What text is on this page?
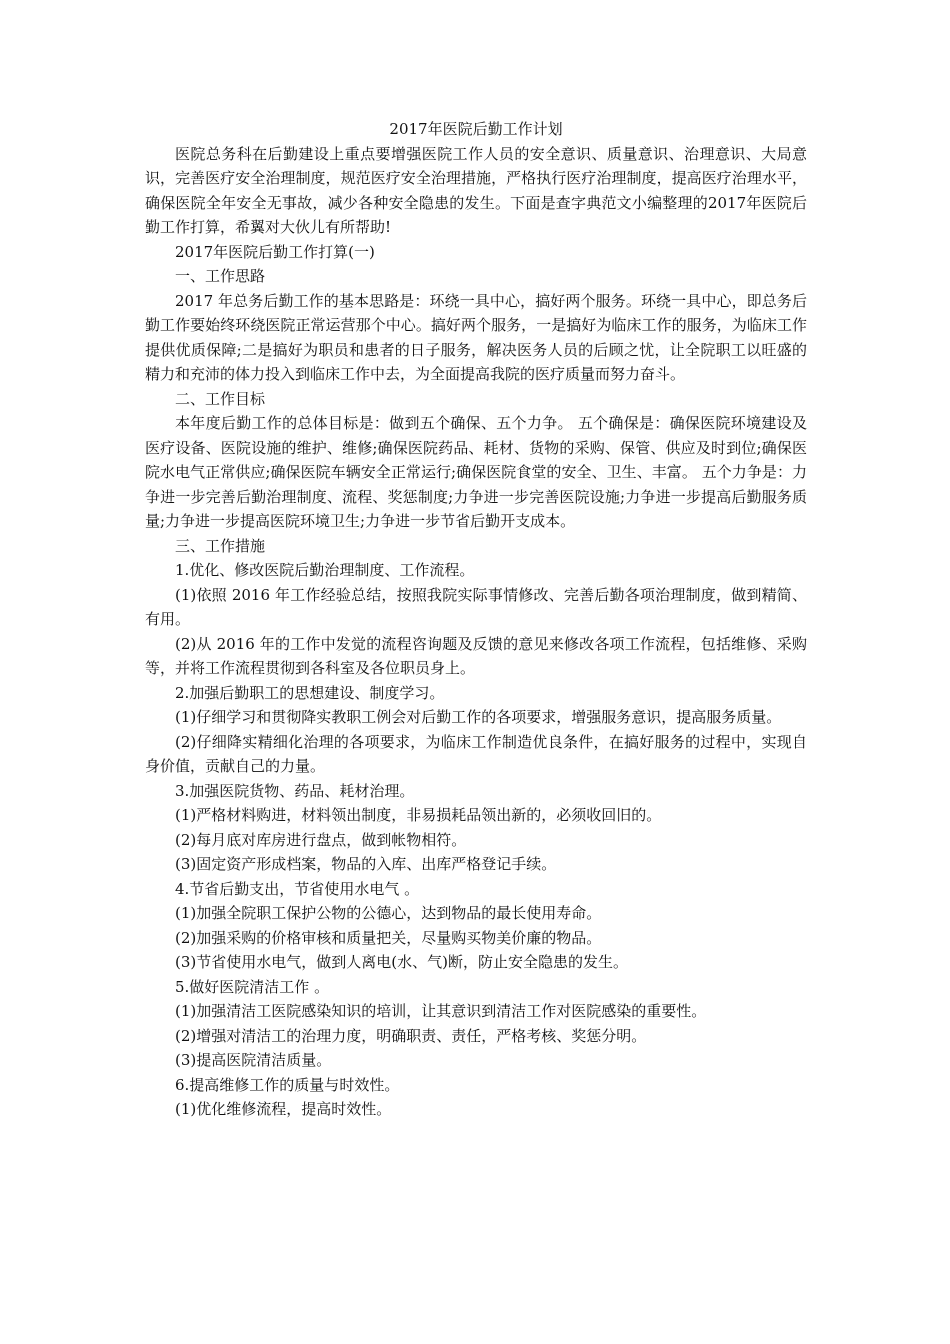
2017年医院后勤工作计划

医院总务科在后勤建设上重点要增强医院工作人员的安全意识、质量意识、治理意识、大局意识，完善医疗安全治理制度，规范医疗安全治理措施，严格执行医疗治理制度，提高医疗治理水平，确保医院全年安全无事故，减少各种安全隐患的发生。下面是查字典范文小编整理的2017年医院后勤工作打算，希翼对大伙儿有所帮助!

2017年医院后勤工作打算(一)

一、工作思路

2017 年总务后勤工作的基本思路是：环绕一具中心，搞好两个服务。环绕一具中心，即总务后勤工作要始终环绕医院正常运营那个中心。搞好两个服务，一是搞好为临床工作的服务，为临床工作提供优质保障;二是搞好为职员和患者的日子服务，解决医务人员的后顾之忧，让全院职工以旺盛的精力和充沛的体力投入到临床工作中去，为全面提高我院的医疗质量而努力奋斗。

二、工作目标

本年度后勤工作的总体目标是：做到五个确保、五个力争。 五个确保是：确保医院环境建设及医疗设备、医院设施的维护、维修;确保医院药品、耗材、货物的采购、保管、供应及时到位;确保医院水电气正常供应;确保医院车辆安全正常运行;确保医院食堂的安全、卫生、丰富。 五个力争是：力争进一步完善后勤治理制度、流程、奖惩制度;力争进一步完善医院设施;力争进一步提高后勤服务质量;力争进一步提高医院环境卫生;力争进一步节省后勤开支成本。

三、工作措施

1.优化、修改医院后勤治理制度、工作流程。

(1)依照 2016 年工作经验总结，按照我院实际事情修改、完善后勤各项治理制度，做到精简、有用。

(2)从 2016 年的工作中发觉的流程咨询题及反馈的意见来修改各项工作流程，包括维修、采购等，并将工作流程贯彻到各科室及各位职员身上。

2.加强后勤职工的思想建设、制度学习。

(1)仔细学习和贯彻降实教职工例会对后勤工作的各项要求，增强服务意识，提高服务质量。

(2)仔细降实精细化治理的各项要求，为临床工作制造优良条件，在搞好服务的过程中，实现自身价值，贡献自己的力量。

3.加强医院货物、药品、耗材治理。

(1)严格材料购进，材料领出制度，非易损耗品领出新的，必须收回旧的。

(2)每月底对库房进行盘点，做到帐物相符。

(3)固定资产形成档案，物品的入库、出库严格登记手续。

4.节省后勤支出，节省使用水电气 。

(1)加强全院职工保护公物的公德心，达到物品的最长使用寿命。

(2)加强采购的价格审核和质量把关，尽量购买物美价廉的物品。

(3)节省使用水电气，做到人离电(水、气)断，防止安全隐患的发生。

5.做好医院清洁工作 。

(1)加强清洁工医院感染知识的培训，让其意识到清洁工作对医院感染的重要性。

(2)增强对清洁工的治理力度，明确职责、责任，严格考核、奖惩分明。

(3)提高医院清洁质量。

6.提高维修工作的质量与时效性。

(1)优化维修流程，提高时效性。
